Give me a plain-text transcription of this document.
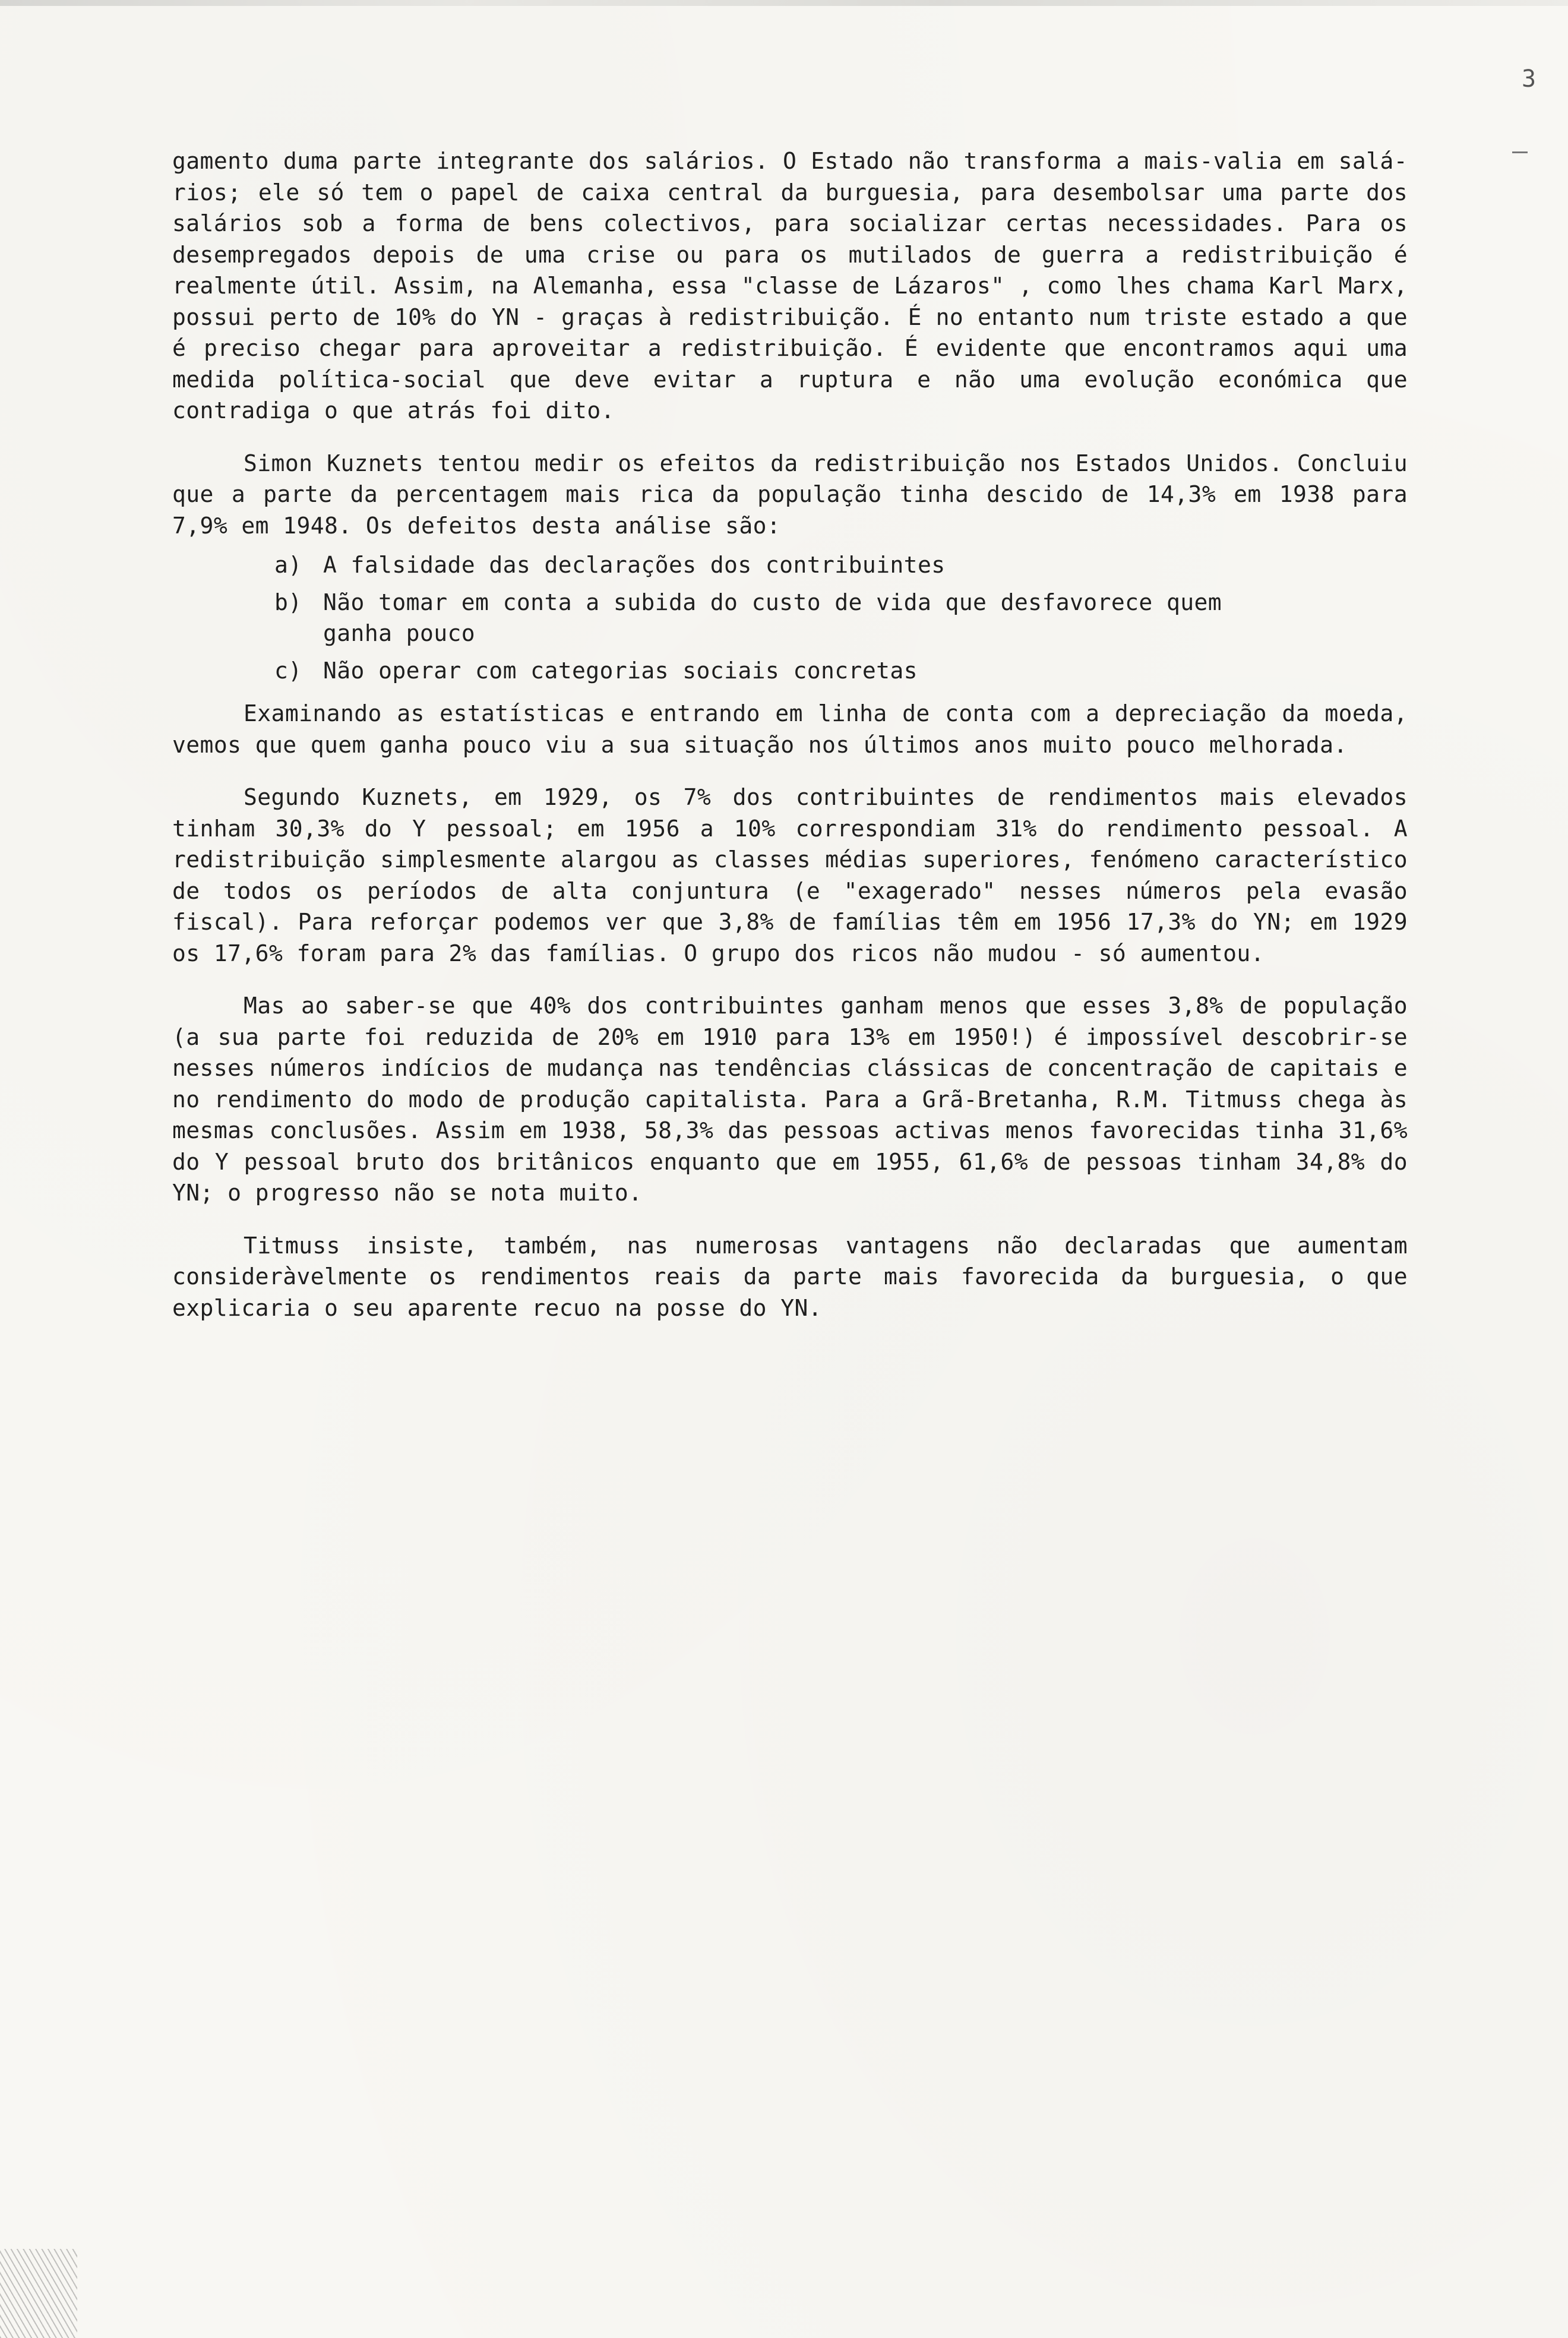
3

gamento duma parte integrante dos salários. O Estado não transforma a mais-valia em salá-rios; ele só tem o papel de caixa central da burguesia, para desembolsar uma parte dos salários sob a forma de bens colectivos, para socializar certas necessidades. Para os desempregados depois de uma crise ou para os mutilados de guerra a redistribuição é realmente útil. Assim, na Alemanha, essa "classe de Lázaros" , como lhes chama Karl Marx, possui perto de 10% do YN - graças à redistribuição. É no entanto num triste estado a que é preciso chegar para aproveitar a redistribuição. É evidente que encontramos aqui uma medida política-social que deve evitar a ruptura e não uma evolução económica que contradiga o que atrás foi dito.

Simon Kuznets tentou medir os efeitos da redistribuição nos Estados Unidos. Concluiu que a parte da percentagem mais rica da população tinha descido de 14,3% em 1938 para 7,9% em 1948. Os defeitos desta análise são:

a) A falsidade das declarações dos contribuintes
b) Não tomar em conta a subida do custo de vida que desfavorece quem ganha pouco
c) Não operar com categorias sociais concretas

Examinando as estatísticas e entrando em linha de conta com a depreciação da moeda, vemos que quem ganha pouco viu a sua situação nos últimos anos muito pouco melhorada.

Segundo Kuznets, em 1929, os 7% dos contribuintes de rendimentos mais elevados tinham 30,3% do Y pessoal; em 1956 a 10% correspondiam 31% do rendimento pessoal. A redistribuição simplesmente alargou as classes médias superiores, fenómeno característico de todos os períodos de alta conjuntura (e "exagerado" nesses números pela evasão fiscal). Para reforçar podemos ver que 3,8% de famílias têm em 1956 17,3% do YN; em 1929 os 17,6% foram para 2% das famílias. O grupo dos ricos não mudou - só aumentou.

Mas ao saber-se que 40% dos contribuintes ganham menos que esses 3,8% de população (a sua parte foi reduzida de 20% em 1910 para 13% em 1950!) é impossível descobrir-se nesses números indícios de mudança nas tendências clássicas de concentração de capitais e no rendimento do modo de produção capitalista. Para a Grã-Bretanha, R.M. Titmuss chega às mesmas conclusões. Assim em 1938, 58,3% das pessoas activas menos favorecidas tinha 31,6% do Y pessoal bruto dos britânicos enquanto que em 1955, 61,6% de pessoas tinham 34,8% do YN; o progresso não se nota muito.

Titmuss insiste, também, nas numerosas vantagens não declaradas que aumentam consideràvelmente os rendimentos reais da parte mais favorecida da burguesia, o que explicaria o seu aparente recuo na posse do YN.
